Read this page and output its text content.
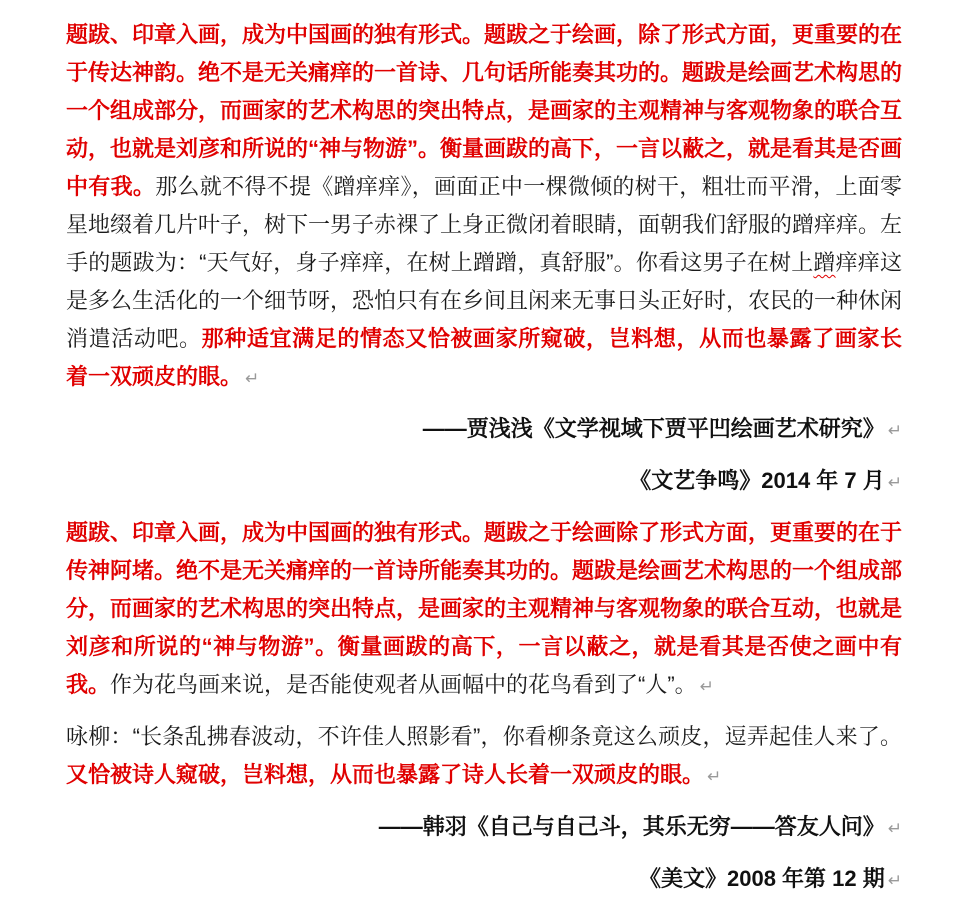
题跋、印章入画，成为中国画的独有形式。题跋之于绘画，除了形式方面，更重要的在于传达神韵。绝不是无关痛痒的一首诗、几句话所能奏其功的。题跋是绘画艺术构思的一个组成部分，而画家的艺术构思的突出特点，是画家的主观精神与客观物象的联合互动，也就是刘彦和所说的“神与物游”。衡量画跋的高下，一言以蔽之，就是看其是否画中有我。那么就不得不提《蹭痒痒》，画面正中一棵微倾的树干，粗壮而平滑，上面零星地缀着几片叶子，树下一男子赤裸了上身正微闭着眼睛，面朝我们舒服的蹭痒痒。左手的题跋为：“天气好，身子痒痒，在树上蹭蹭，真舒服”。你看这男子在树上蹭痒痒这是多么生活化的一个细节呀，恐怕只有在乡间且闲来无事日头正好时，农民的一种休闲消遣活动吧。那种适宜满足的情态又恰被画家所窥破，岂料想，从而也暴露了画家长着一双顽皮的眼。 ↵

——贾浅浅《文学视域下贾平凹绘画艺术研究》 ↵

《文艺争鸣》2014 年 7 月 ↵

题跋、印章入画，成为中国画的独有形式。题跋之于绘画除了形式方面，更重要的在于传神阿堵。绝不是无关痛痒的一首诗所能奏其功的。题跋是绘画艺术构思的一个组成部分，而画家的艺术构思的突出特点，是画家的主观精神与客观物象的联合互动，也就是刘彦和所说的“神与物游”。衡量画跋的高下，一言以蔽之，就是看其是否使之画中有我。作为花鸟画来说，是否能使观者从画幅中的花鸟看到了“人”。 ↵

咏柳：“长条乱拂春波动，不许佳人照影看”，你看柳条竟这么顽皮，逗弄起佳人来了。又恰被诗人窥破，岂料想，从而也暴露了诗人长着一双顽皮的眼。 ↵

——韩羽《自己与自己斗，其乐无穷——答友人问》 ↵

《美文》2008 年第 12 期 ↵
